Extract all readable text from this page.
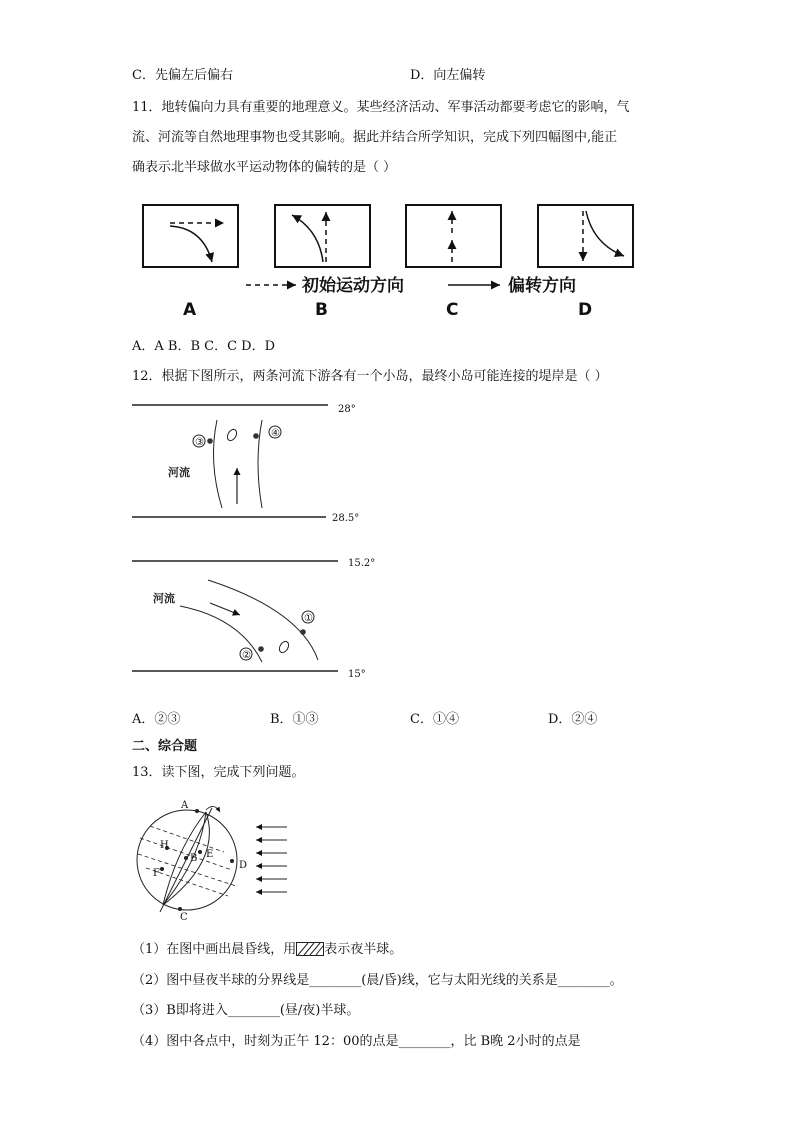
C．先偏左后偏右	D．向左偏转
11．地转偏向力具有重要的地理意义。某些经济活动、军事活动都要考虑它的影响，气
流、河流等自然地理事物也受其影响。据此并结合所学知识，完成下列四幅图中,能正
确表示北半球做水平运动物体的偏转的是（ ）
初始运动方向	偏转方向
A	B	C	D
A．A B．B C．C D．D
12．根据下图所示，两条河流下游各有一个小岛，最终小岛可能连接的堤岸是（ ）
28°
③
④
河流
28.5°
15.2°
河流
①
②
15°
A．②③	B．①③	C．①④	D．②④
二、综合题
13．读下图，完成下列问题。
A
B
C
D
E
F
H
（1）在图中画出晨昏线，用 表示夜半球。
（2）图中昼夜半球的分界线是________(晨/昏)线，它与太阳光线的关系是________。
（3）B即将进入________(昼/夜)半球。
（4）图中各点中，时刻为正午 12：00的点是________，比 B晚 2小时的点是
